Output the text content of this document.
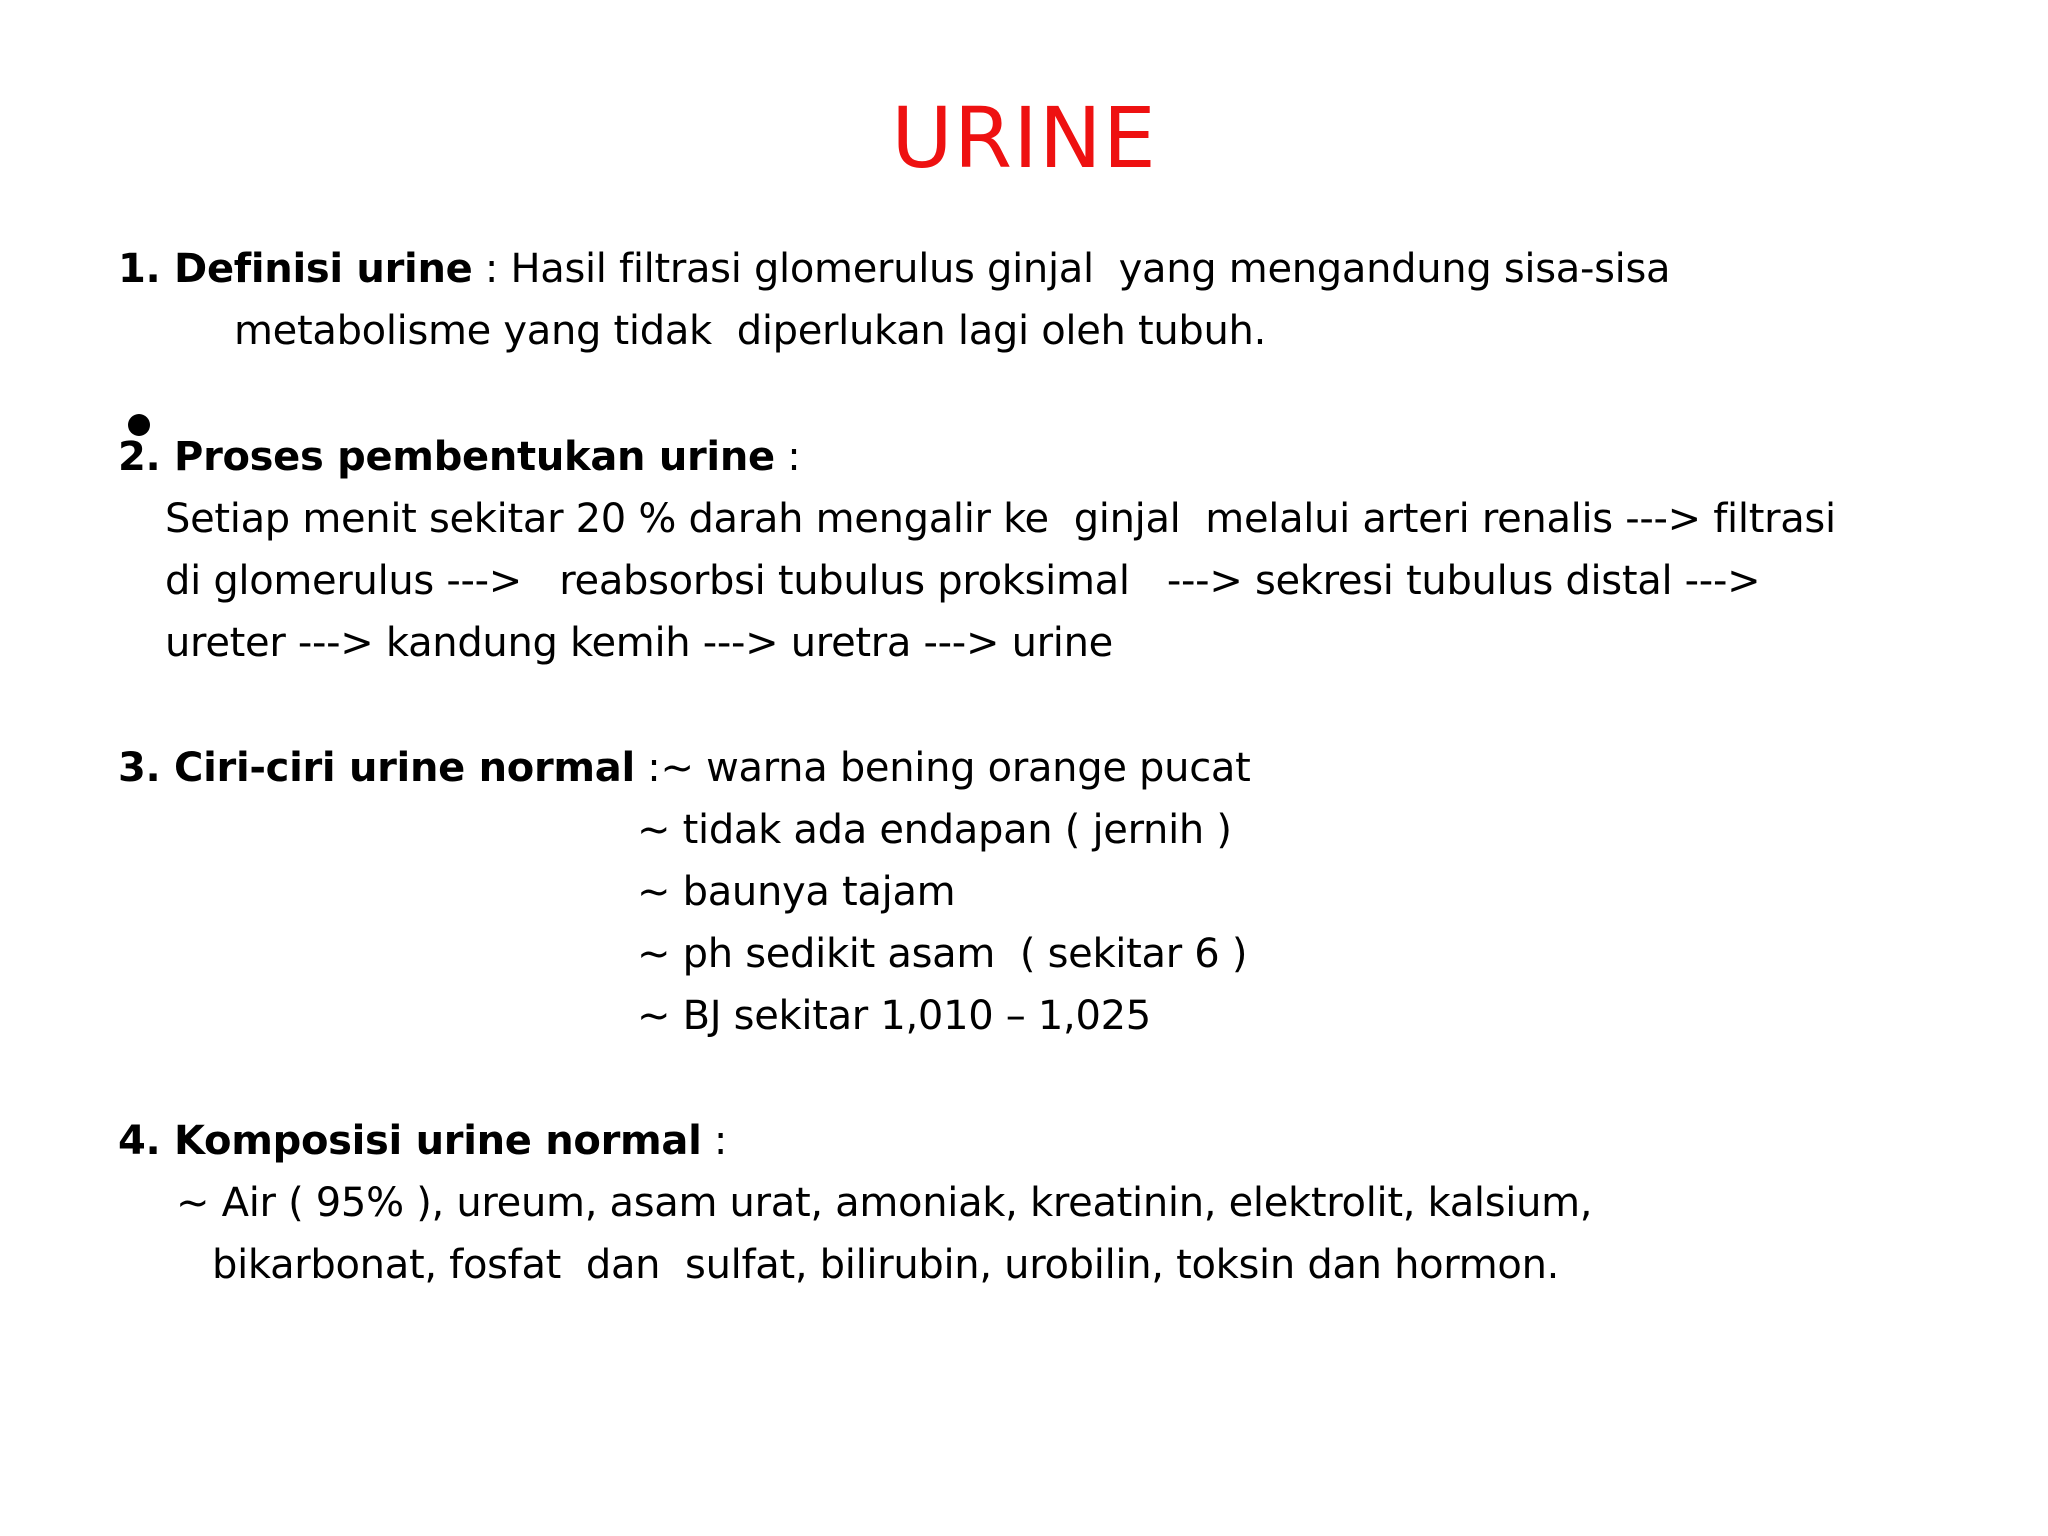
URINE
1. Definisi urine : Hasil filtrasi glomerulus ginjal  yang mengandung sisa-sisa
metabolisme yang tidak  diperlukan lagi oleh tubuh.
2. Proses pembentukan urine :
Setiap menit sekitar 20 % darah mengalir ke  ginjal  melalui arteri renalis ---> filtrasi
di glomerulus --->   reabsorbsi tubulus proksimal   ---> sekresi tubulus distal --->
ureter ---> kandung kemih ---> uretra ---> urine
3. Ciri-ciri urine normal :~ warna bening orange pucat
~ tidak ada endapan ( jernih )
~ baunya tajam
~ ph sedikit asam  ( sekitar 6 )
~ BJ sekitar 1,010 – 1,025
4. Komposisi urine normal :
~ Air ( 95% ), ureum, asam urat, amoniak, kreatinin, elektrolit, kalsium,
bikarbonat, fosfat  dan  sulfat, bilirubin, urobilin, toksin dan hormon.
